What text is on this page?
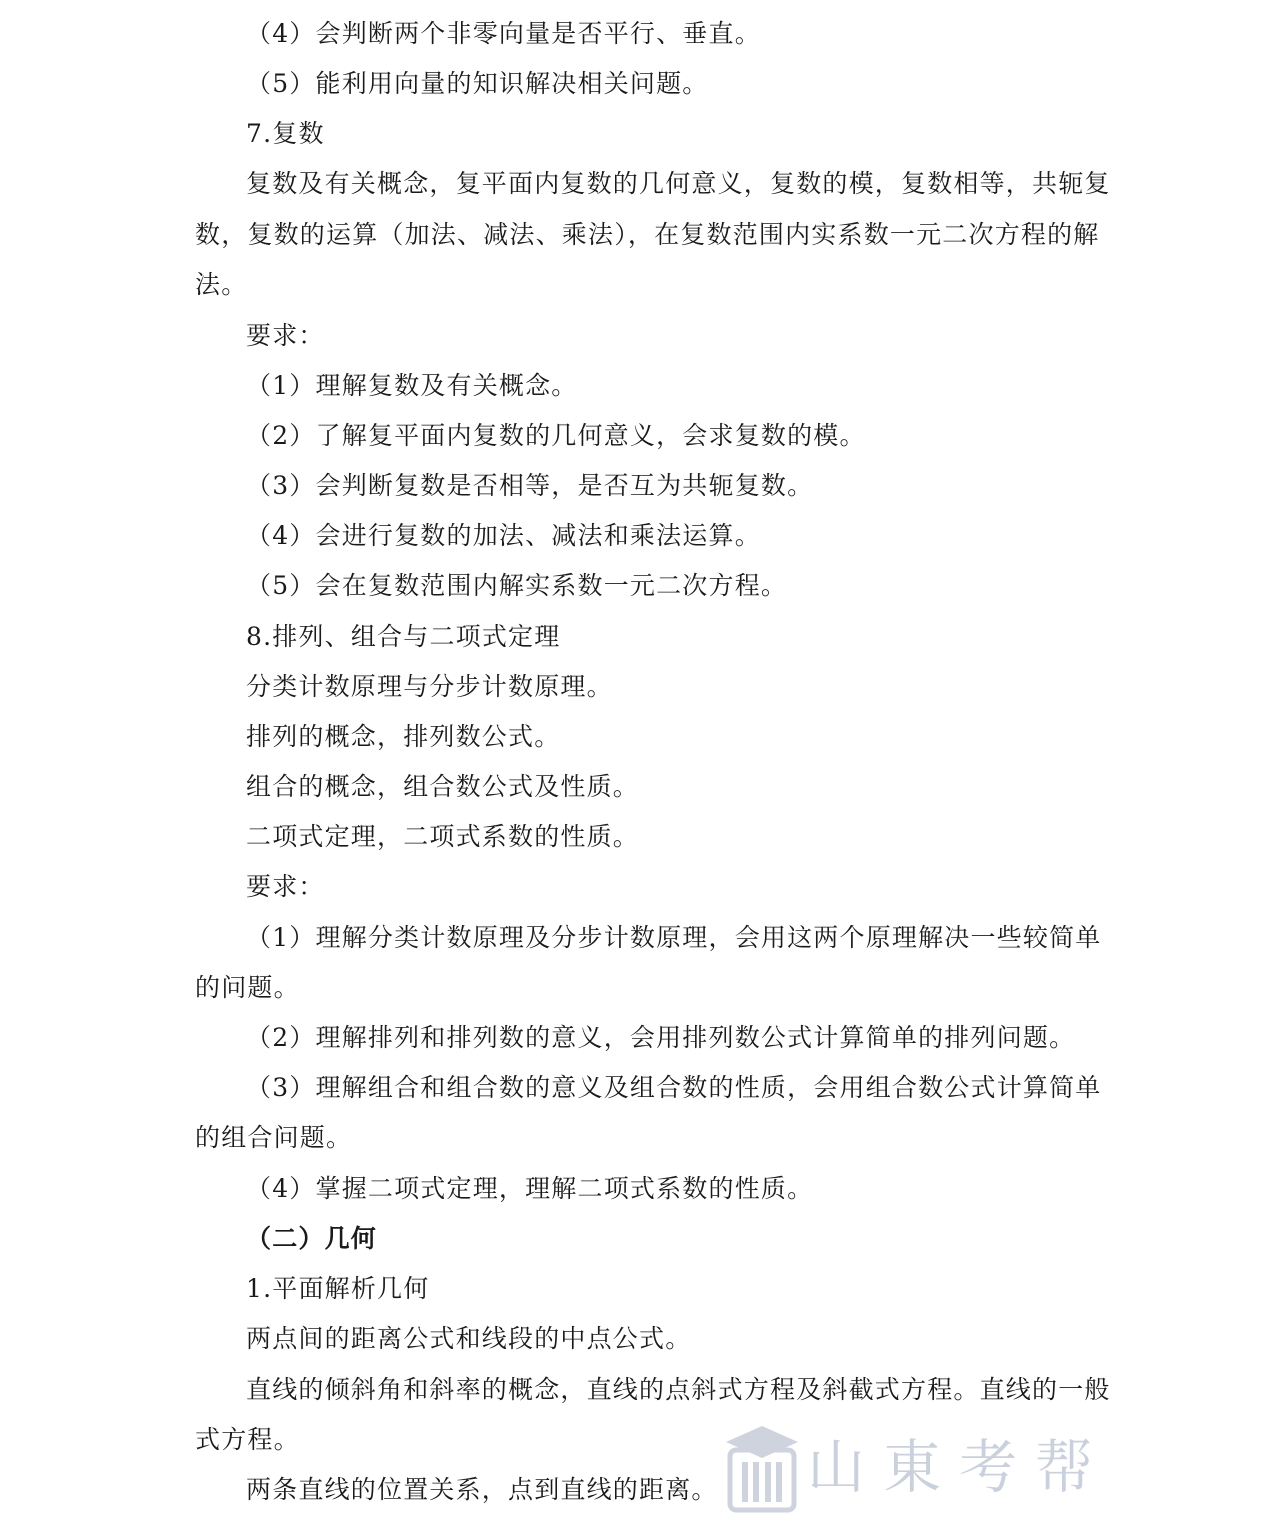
（4）会判断两个非零向量是否平行、垂直。
（5）能利用向量的知识解决相关问题。
7.复数
复数及有关概念，复平面内复数的几何意义，复数的模，复数相等，共轭复
数，复数的运算（加法、减法、乘法），在复数范围内实系数一元二次方程的解
法。
要求：
（1）理解复数及有关概念。
（2）了解复平面内复数的几何意义，会求复数的模。
（3）会判断复数是否相等，是否互为共轭复数。
（4）会进行复数的加法、减法和乘法运算。
（5）会在复数范围内解实系数一元二次方程。
8.排列、组合与二项式定理
分类计数原理与分步计数原理。
排列的概念，排列数公式。
组合的概念，组合数公式及性质。
二项式定理，二项式系数的性质。
要求：
（1）理解分类计数原理及分步计数原理，会用这两个原理解决一些较简单
的问题。
（2）理解排列和排列数的意义，会用排列数公式计算简单的排列问题。
（3）理解组合和组合数的意义及组合数的性质，会用组合数公式计算简单
的组合问题。
（4）掌握二项式定理，理解二项式系数的性质。
（二）几何
1.平面解析几何
两点间的距离公式和线段的中点公式。
直线的倾斜角和斜率的概念，直线的点斜式方程及斜截式方程。直线的一般
式方程。
两条直线的位置关系，点到直线的距离。	山東考帮
